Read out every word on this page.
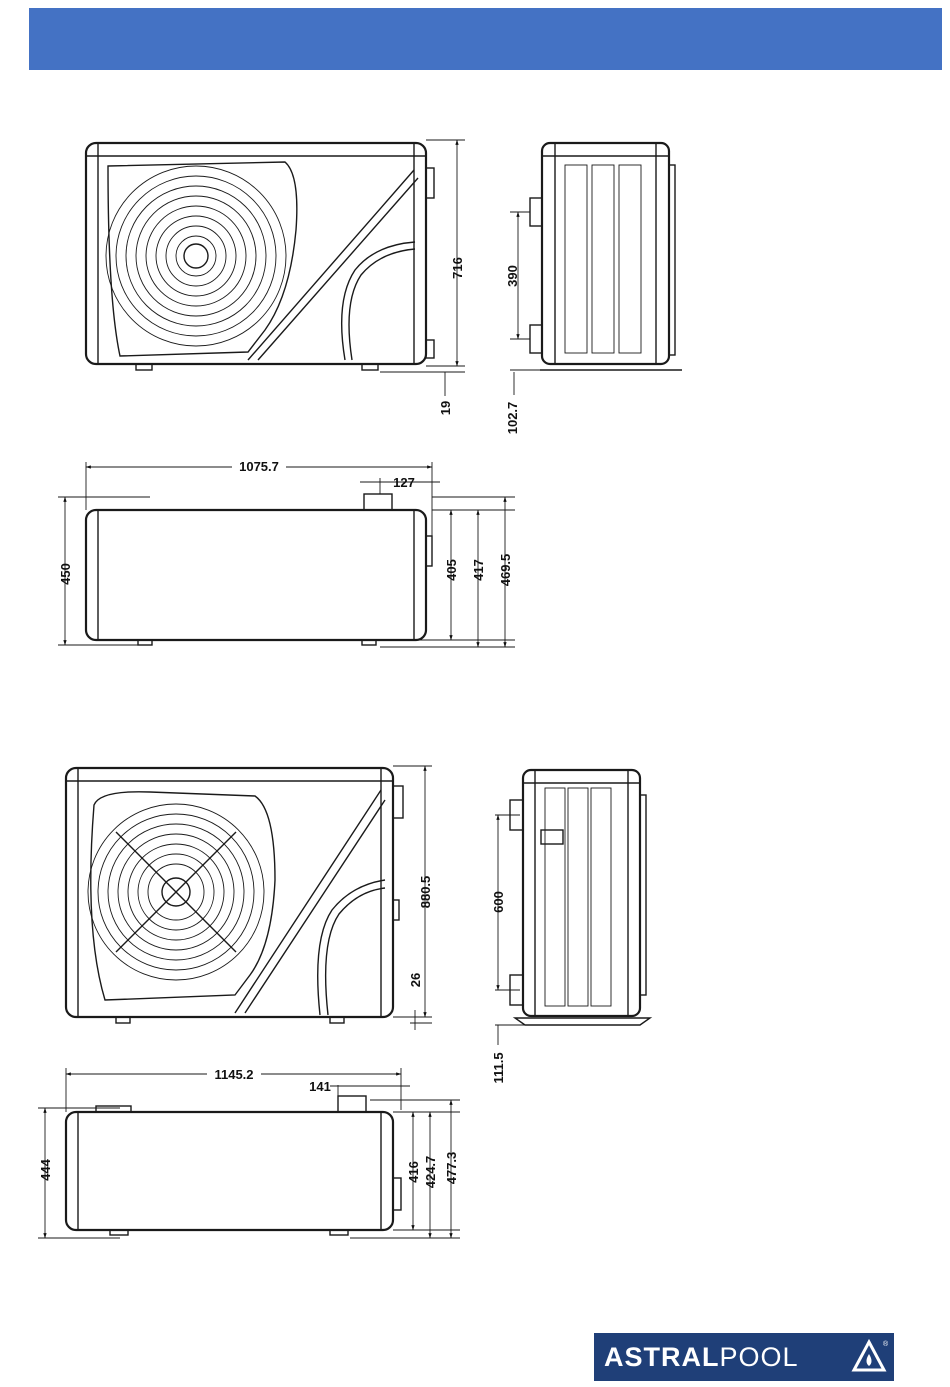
716
19
390
102.7
1075.7
127
450	405 417 469.5
880.5
26
600
111.5
1145.2
141
444	416 424.7 477.3
ASTRALPOOL	®
